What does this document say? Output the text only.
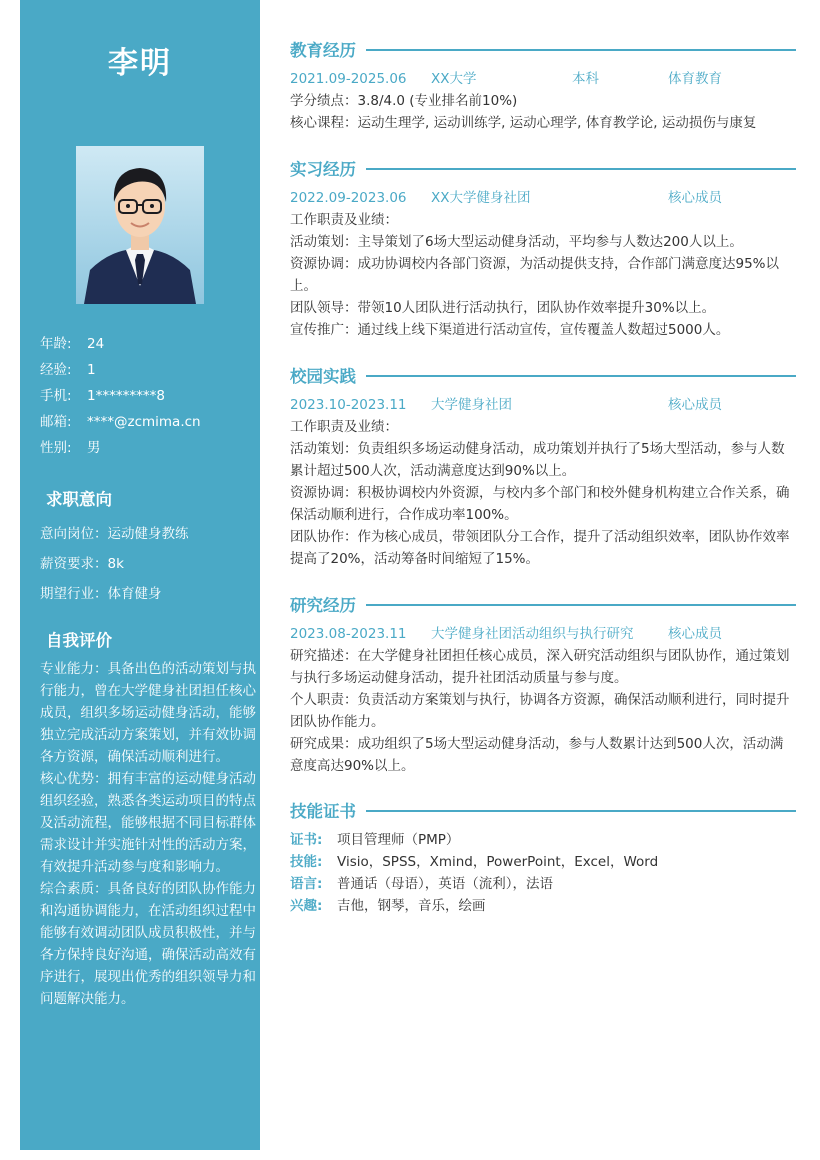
李明
年龄:	24
经验:	1
手机:	1*********8
邮箱:	****@zcmima.cn
性别:	男
求职意向
意向岗位：运动健身教练
薪资要求：8k
期望行业：体育健身
自我评价

专业能力：具备出色的活动策划与执行能力，曾在大学健身社团担任核心成员，组织多场运动健身活动，能够独立完成活动方案策划，并有效协调各方资源，确保活动顺利进行。

核心优势：拥有丰富的运动健身活动组织经验，熟悉各类运动项目的特点及活动流程，能够根据不同目标群体需求设计并实施针对性的活动方案，有效提升活动参与度和影响力。

综合素质：具备良好的团队协作能力和沟通协调能力，在活动组织过程中能够有效调动团队成员积极性，并与各方保持良好沟通，确保活动高效有序进行，展现出优秀的组织领导力和问题解决能力。

教育经历
2021.09-2025.06	XX大学	本科	体育教育

学分绩点：3.8/4.0 (专业排名前10%)

核心课程：运动生理学, 运动训练学, 运动心理学, 体育教学论, 运动损伤与康复

实习经历
2022.09-2023.06	XX大学健身社团	核心成员

工作职责及业绩：

活动策划：主导策划了6场大型运动健身活动，平均参与人数达200人以上。

资源协调：成功协调校内各部门资源，为活动提供支持，合作部门满意度达95%以上。

团队领导：带领10人团队进行活动执行，团队协作效率提升30%以上。

宣传推广：通过线上线下渠道进行活动宣传，宣传覆盖人数超过5000人。

校园实践
2023.10-2023.11	大学健身社团	核心成员

工作职责及业绩：

活动策划：负责组织多场运动健身活动，成功策划并执行了5场大型活动，参与人数累计超过500人次，活动满意度达到90%以上。

资源协调：积极协调校内外资源，与校内多个部门和校外健身机构建立合作关系，确保活动顺利进行，合作成功率100%。

团队协作：作为核心成员，带领团队分工合作，提升了活动组织效率，团队协作效率提高了20%，活动筹备时间缩短了15%。

研究经历
2023.08-2023.11	大学健身社团活动组织与执行研究	核心成员

研究描述：在大学健身社团担任核心成员，深入研究活动组织与团队协作，通过策划与执行多场运动健身活动，提升社团活动质量与参与度。

个人职责：负责活动方案策划与执行，协调各方资源，确保活动顺利进行，同时提升团队协作能力。

研究成果：成功组织了5场大型运动健身活动，参与人数累计达到500人次，活动满意度高达90%以上。

技能证书
证书:	项目管理师（PMP）
技能:	Visio，SPSS，Xmind，PowerPoint，Excel，Word
语言:	普通话（母语），英语（流利），法语
兴趣:	吉他，钢琴，音乐，绘画
